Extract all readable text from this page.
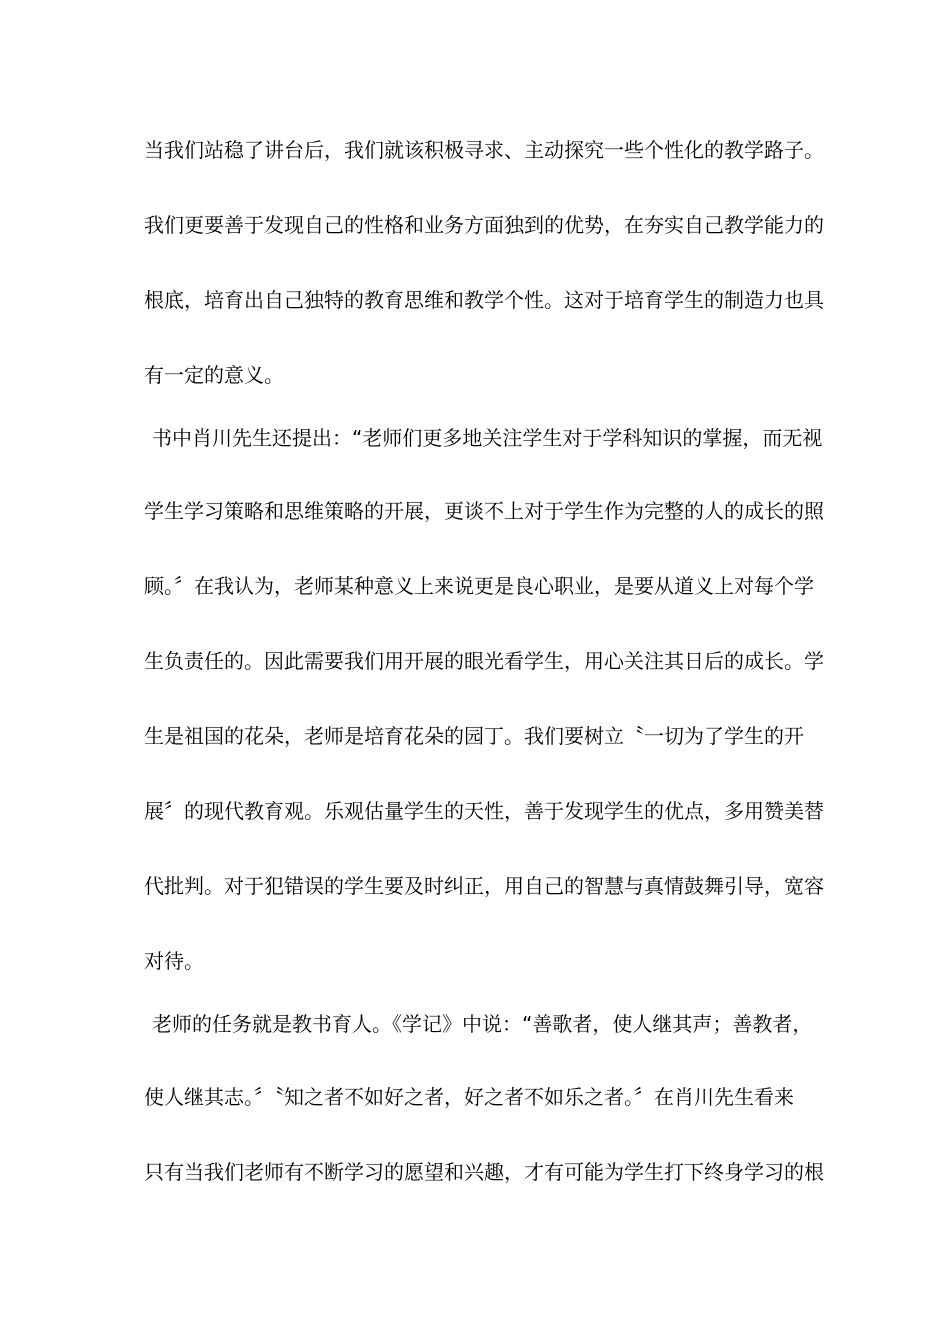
当我们站稳了讲台后，我们就该积极寻求、主动探究一些个性化的教学路子。
我们更要善于发现自己的性格和业务方面独到的优势，在夯实自己教学能力的
根底，培育出自己独特的教育思维和教学个性。这对于培育学生的制造力也具
有一定的意义。
书中肖川先生还提出：“老师们更多地关注学生对于学科知识的掌握，而无视
学生学习策略和思维策略的开展，更谈不上对于学生作为完整的人的成长的照
顾。〞在我认为，老师某种意义上来说更是良心职业，是要从道义上对每个学
生负责任的。因此需要我们用开展的眼光看学生，用心关注其日后的成长。学
生是祖国的花朵，老师是培育花朵的园丁。我们要树立〝一切为了学生的开
展〞的现代教育观。乐观估量学生的天性，善于发现学生的优点，多用赞美替
代批判。对于犯错误的学生要及时纠正，用自己的智慧与真情鼓舞引导，宽容
对待。
老师的任务就是教书育人。《学记》中说：“善歌者，使人继其声；善教者，
使人继其志。〞〝知之者不如好之者，好之者不如乐之者。〞在肖川先生看来
只有当我们老师有不断学习的愿望和兴趣，才有可能为学生打下终身学习的根
